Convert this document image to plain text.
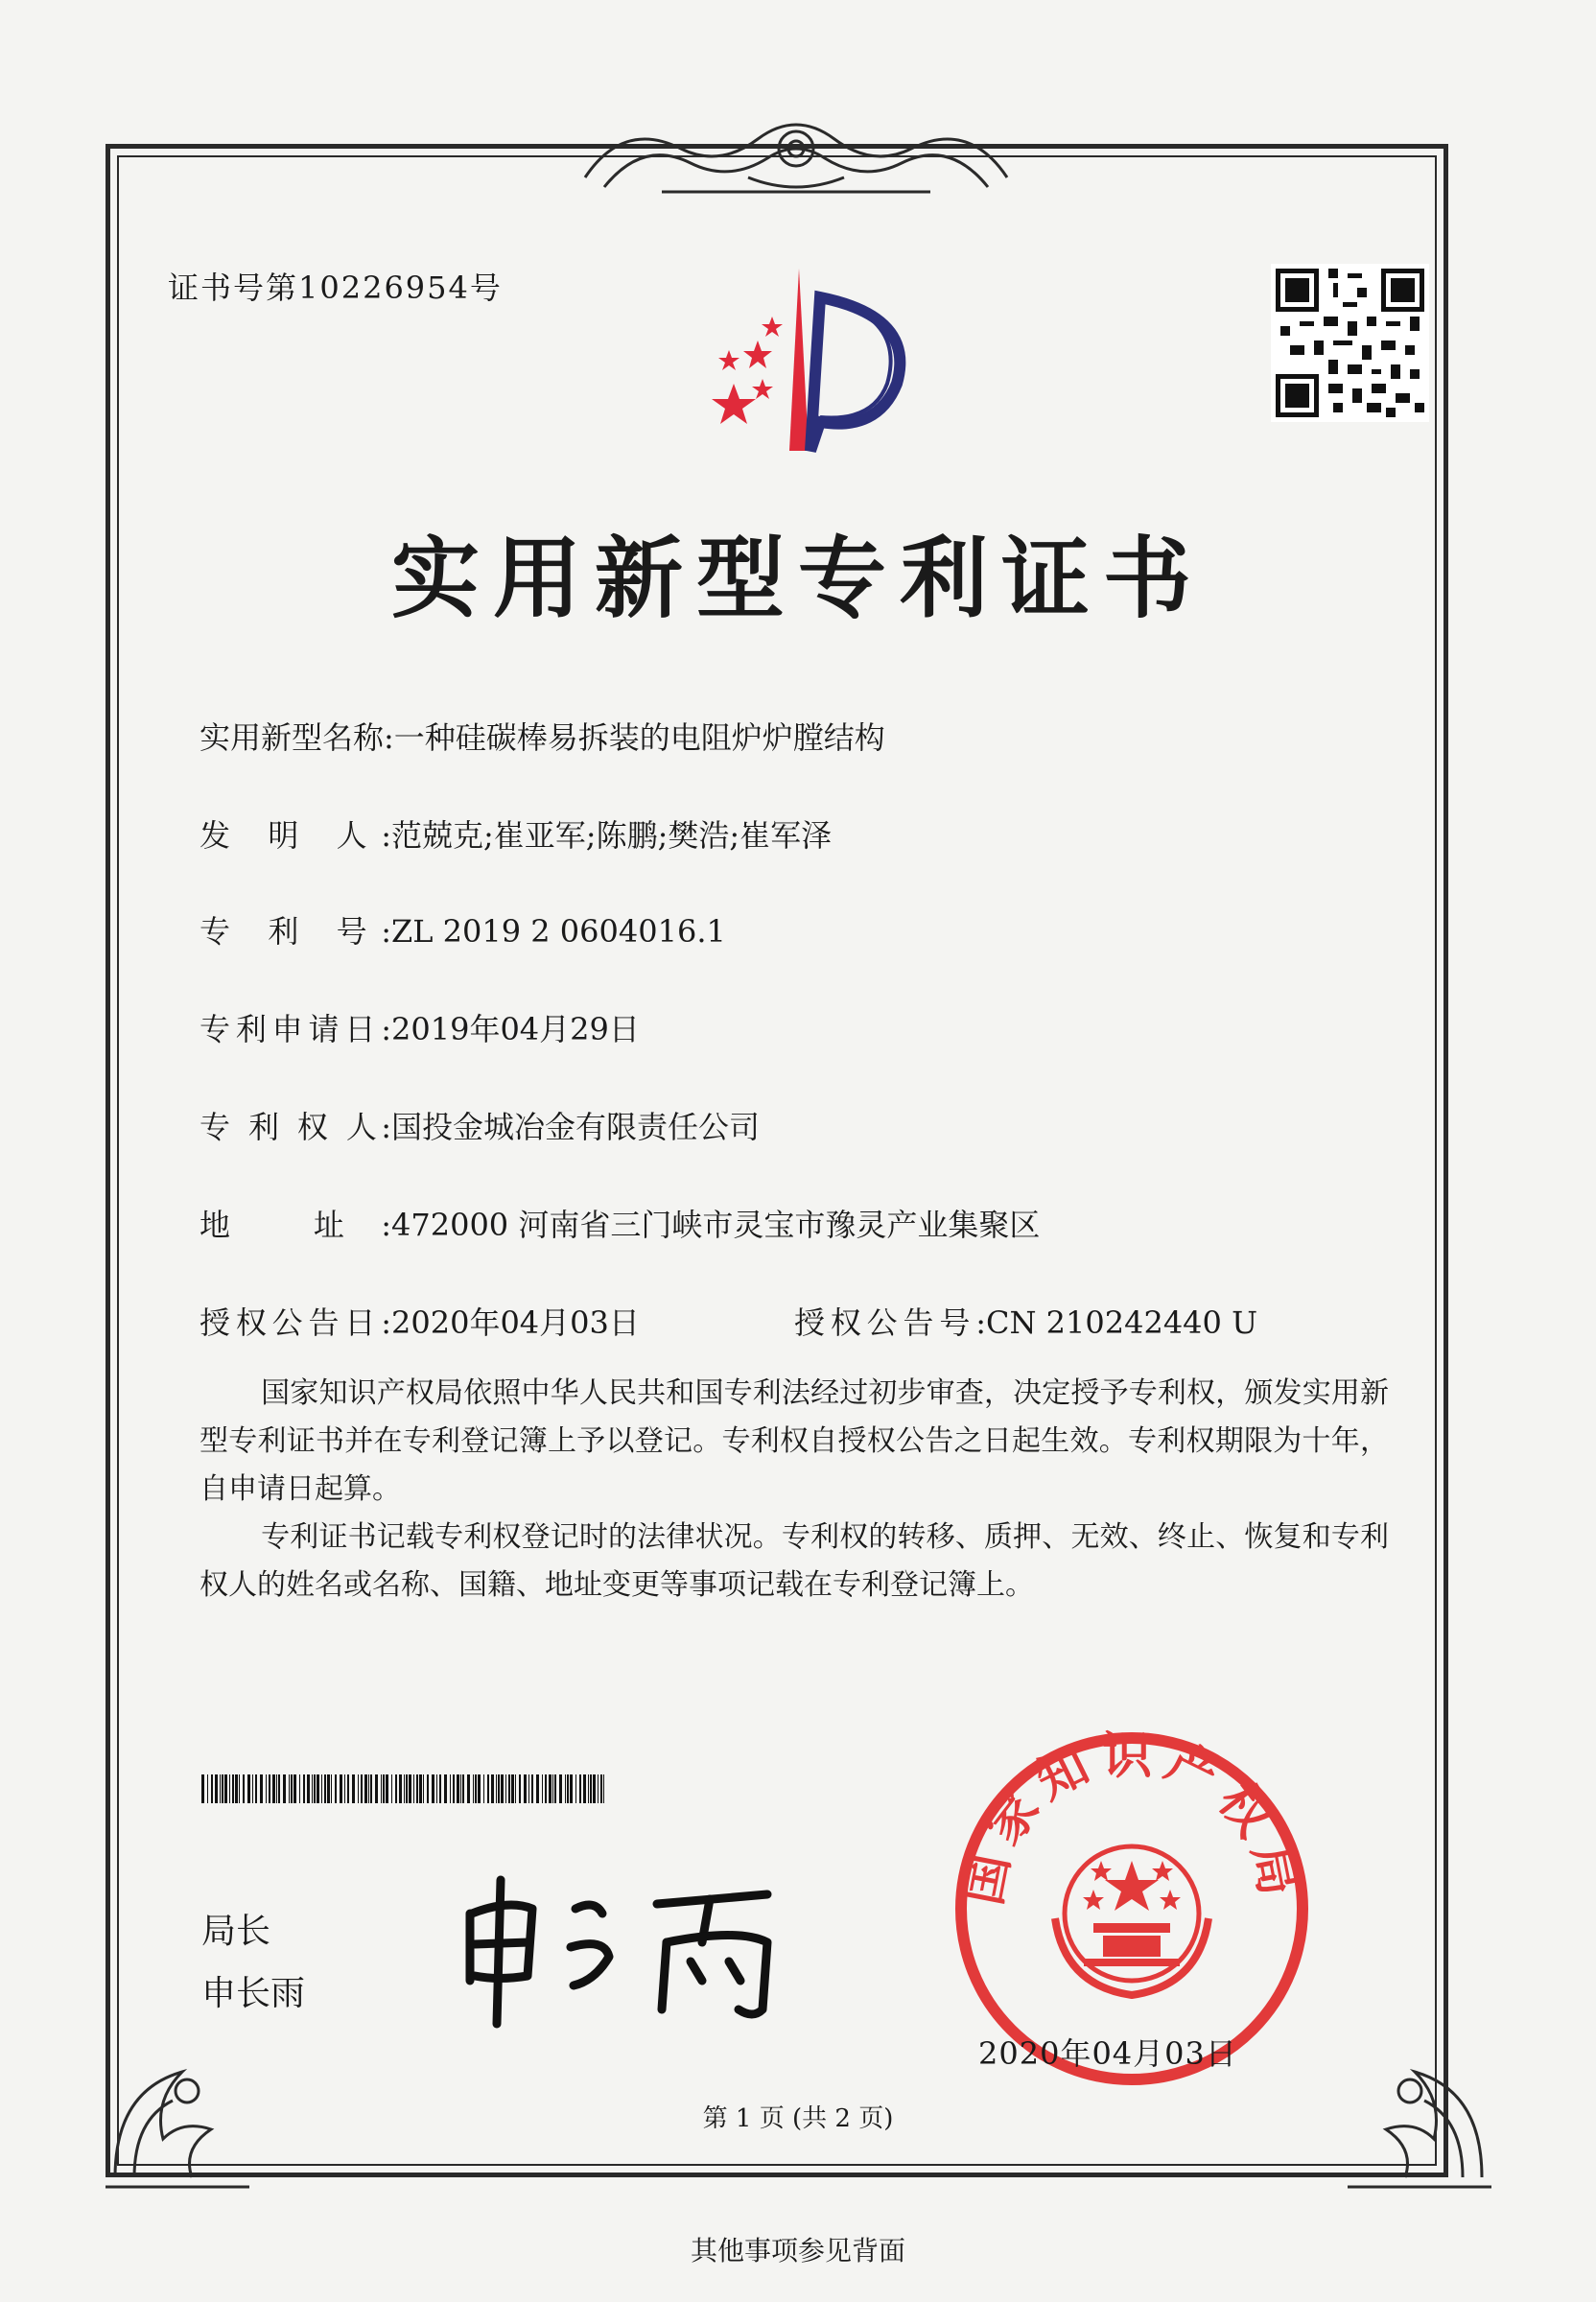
证书号第10226954号
实用新型专利证书
实用新型名称:一种硅碳棒易拆装的电阻炉炉膛结构
发 明 人:范兢克;崔亚军;陈鹏;樊浩;崔军泽
专 利 号:ZL 2019 2 0604016.1
专利申请日:2019年04月29日
专 利 权 人:国投金城冶金有限责任公司
地 址:472000 河南省三门峡市灵宝市豫灵产业集聚区
授权公告日:2020年04月03日	授权公告号:CN 210242440 U
国家知识产权局依照中华人民共和国专利法经过初步审查，决定授予专利权，颁发实用新型专利证书并在专利登记簿上予以登记。专利权自授权公告之日起生效。专利权期限为十年，自申请日起算。
专利证书记载专利权登记时的法律状况。专利权的转移、质押、无效、终止、恢复和专利权人的姓名或名称、国籍、地址变更等事项记载在专利登记簿上。
局长
申长雨
国家知识产权局
2020年04月03日
第 1 页 (共 2 页)
其他事项参见背面
